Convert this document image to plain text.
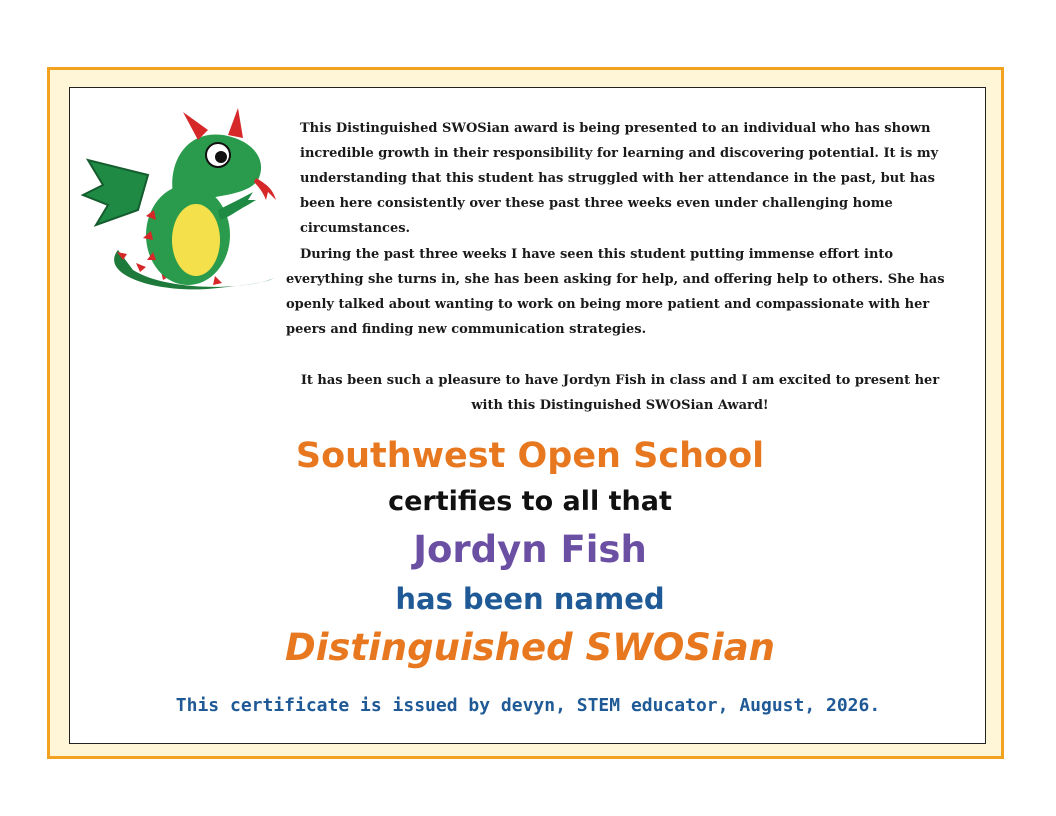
This Distinguished SWOSian award is being presented to an individual who has shown incredible growth in their responsibility for learning and discovering potential. It is my understanding that this student has struggled with her attendance in the past, but has been here consistently over these past three weeks even under challenging home circumstances.

During the past three weeks I have seen this student putting immense effort into everything she turns in, she has been asking for help, and offering help to others. She has openly talked about wanting to work on being more patient and compassionate with her peers and finding new communication strategies.

It has been such a pleasure to have Jordyn Fish in class and I am excited to present her with this Distinguished SWOSian Award!

Southwest Open School

certifies to all that

Jordyn Fish

has been named

Distinguished SWOSian

This certificate is issued by devyn, STEM educator, August, 2026.
